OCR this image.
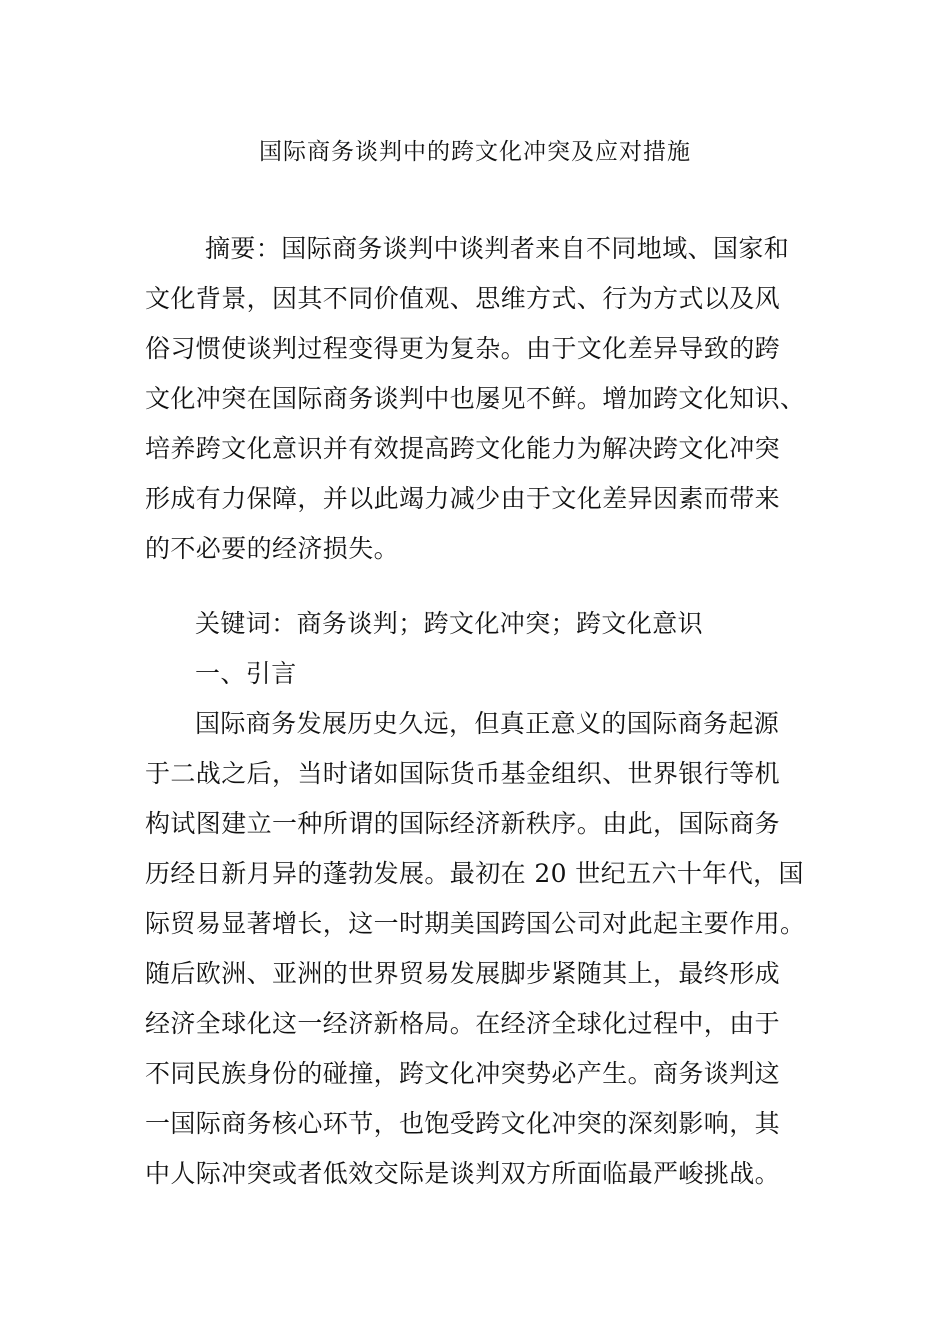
国际商务谈判中的跨文化冲突及应对措施
摘要：国际商务谈判中谈判者来自不同地域、国家和
文化背景，因其不同价值观、思维方式、行为方式以及风
俗习惯使谈判过程变得更为复杂。由于文化差异导致的跨
文化冲突在国际商务谈判中也屡见不鲜。增加跨文化知识、
培养跨文化意识并有效提高跨文化能力为解决跨文化冲突
形成有力保障，并以此竭力减少由于文化差异因素而带来
的不必要的经济损失。
关键词：商务谈判；跨文化冲突；跨文化意识
一、引言
国际商务发展历史久远，但真正意义的国际商务起源
于二战之后，当时诸如国际货币基金组织、世界银行等机
构试图建立一种所谓的国际经济新秩序。由此，国际商务
历经日新月异的蓬勃发展。最初在 20 世纪五六十年代，国
际贸易显著增长，这一时期美国跨国公司对此起主要作用。
随后欧洲、亚洲的世界贸易发展脚步紧随其上，最终形成
经济全球化这一经济新格局。在经济全球化过程中，由于
不同民族身份的碰撞，跨文化冲突势必产生。商务谈判这
一国际商务核心环节，也饱受跨文化冲突的深刻影响，其
中人际冲突或者低效交际是谈判双方所面临最严峻挑战。
